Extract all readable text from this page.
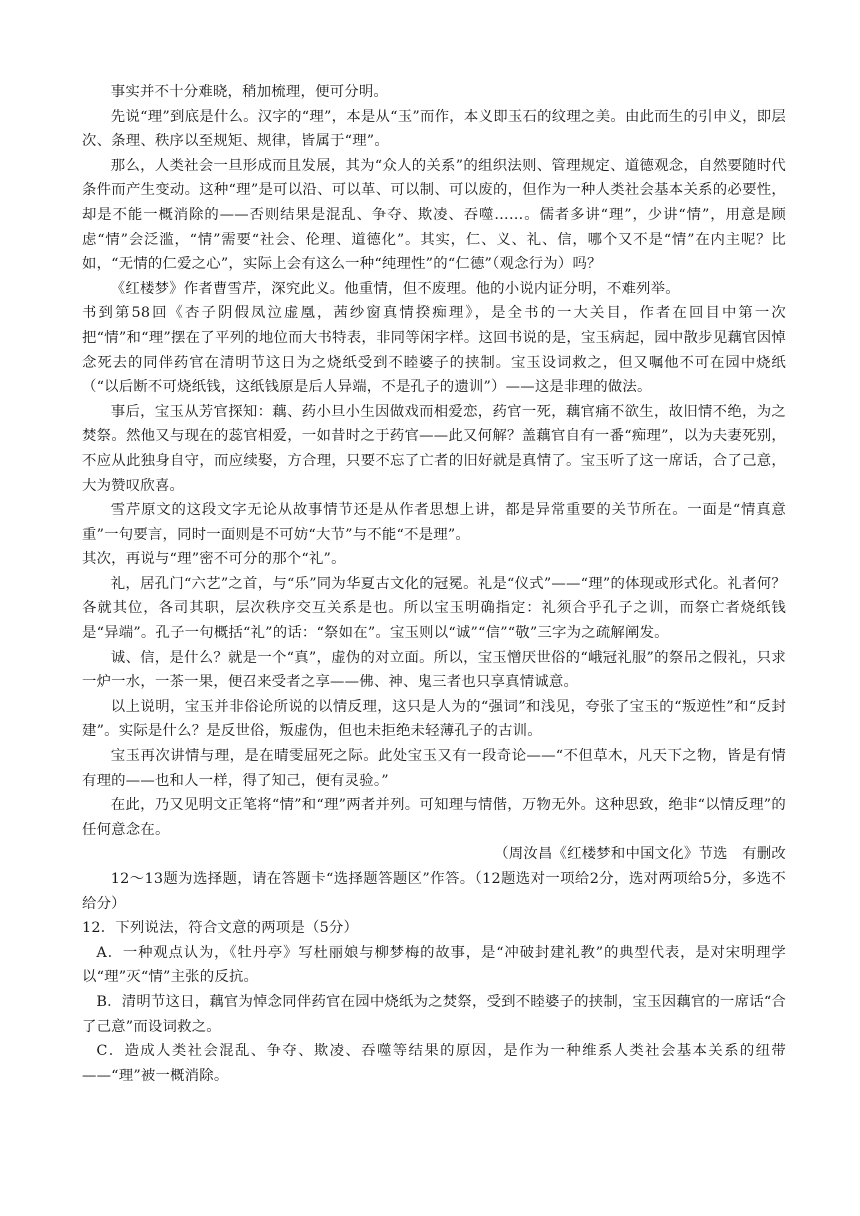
事实并不十分难晓，稍加梳理，便可分明。

先说“理”到底是什么。汉字的“理”，本是从“玉”而作，本义即玉石的纹理之美。由此而生的引申义，即层次、条理、秩序以至规矩、规律，皆属于“理”。

那么，人类社会一旦形成而且发展，其为“众人的关系”的组织法则、管理规定、道德观念，自然要随时代条件而产生变动。这种“理”是可以沿、可以革、可以制、可以废的，但作为一种人类社会基本关系的必要性，却是不能一概消除的——否则结果是混乱、争夺、欺凌、吞噬……。儒者多讲“理”，少讲“情”，用意是顾虑“情”会泛滥，“情”需要“社会、伦理、道德化”。其实，仁、义、礼、信，哪个又不是“情”在内主呢？比如，“无情的仁爱之心”，实际上会有这么一种“纯理性”的“仁德”（观念行为）吗？

《红楼梦》作者曹雪芹，深究此义。他重情，但不废理。他的小说内证分明，不难列举。

书到第58回《杏子阴假凤泣虚凰，茜纱窗真情揆痴理》，是全书的一大关目，作者在回目中第一次把“情”和“理”摆在了平列的地位而大书特表，非同等闲字样。这回书说的是，宝玉病起，园中散步见藕官因悼念死去的同伴药官在清明节这日为之烧纸受到不睦婆子的挟制。宝玉设词救之，但又嘱他不可在园中烧纸（“以后断不可烧纸钱，这纸钱原是后人异端，不是孔子的遗训”）——这是非理的做法。

事后，宝玉从芳官探知：藕、药小旦小生因做戏而相爱恋，药官一死，藕官痛不欲生，故旧情不绝，为之焚祭。然他又与现在的蕊官相爱，一如昔时之于药官——此又何解？盖藕官自有一番“痴理”，以为夫妻死别，不应从此独身自守，而应续娶，方合理，只要不忘了亡者的旧好就是真情了。宝玉听了这一席话，合了己意，大为赞叹欣喜。

雪芹原文的这段文字无论从故事情节还是从作者思想上讲，都是异常重要的关节所在。一面是“情真意重”一句要言，同时一面则是不可妨“大节”与不能“不是理”。

其次，再说与“理”密不可分的那个“礼”。

礼，居孔门“六艺”之首，与“乐”同为华夏古文化的冠冕。礼是“仪式”——“理”的体现或形式化。礼者何？各就其位，各司其职，层次秩序交互关系是也。所以宝玉明确指定：礼须合乎孔子之训，而祭亡者烧纸钱是“异端”。孔子一句概括“礼”的话：“祭如在”。宝玉则以“诚”“信”“敬”三字为之疏解阐发。

诚、信，是什么？就是一个“真”，虚伪的对立面。所以，宝玉憎厌世俗的“峨冠礼服”的祭吊之假礼，只求一炉一水，一茶一果，便召来受者之享——佛、神、鬼三者也只享真情诚意。

以上说明，宝玉并非俗论所说的以情反理，这只是人为的“强词”和浅见，夸张了宝玉的“叛逆性”和“反封建”。实际是什么？是反世俗，叛虚伪，但也未拒绝未轻薄孔子的古训。

宝玉再次讲情与理，是在晴雯屈死之际。此处宝玉又有一段奇论——“不但草木，凡天下之物，皆是有情有理的——也和人一样，得了知己，便有灵验。”

在此，乃又见明文正笔将“情”和“理”两者并列。可知理与情偕，万物无外。这种思致，绝非“以情反理”的任何意念在。

（周汝昌《红楼梦和中国文化》节选　有删改

12～13题为选择题，请在答题卡“选择题答题区”作答。（12题选对一项给2分，选对两项给5分，多选不给分）

12．下列说法，符合文意的两项是（5分）

A．一种观点认为，《牡丹亭》写杜丽娘与柳梦梅的故事，是“冲破封建礼教”的典型代表，是对宋明理学以“理”灭“情”主张的反抗。

B．清明节这日，藕官为悼念同伴药官在园中烧纸为之焚祭，受到不睦婆子的挟制，宝玉因藕官的一席话“合了己意”而设词救之。

C．造成人类社会混乱、争夺、欺凌、吞噬等结果的原因，是作为一种维系人类社会基本关系的纽带——“理”被一概消除。
